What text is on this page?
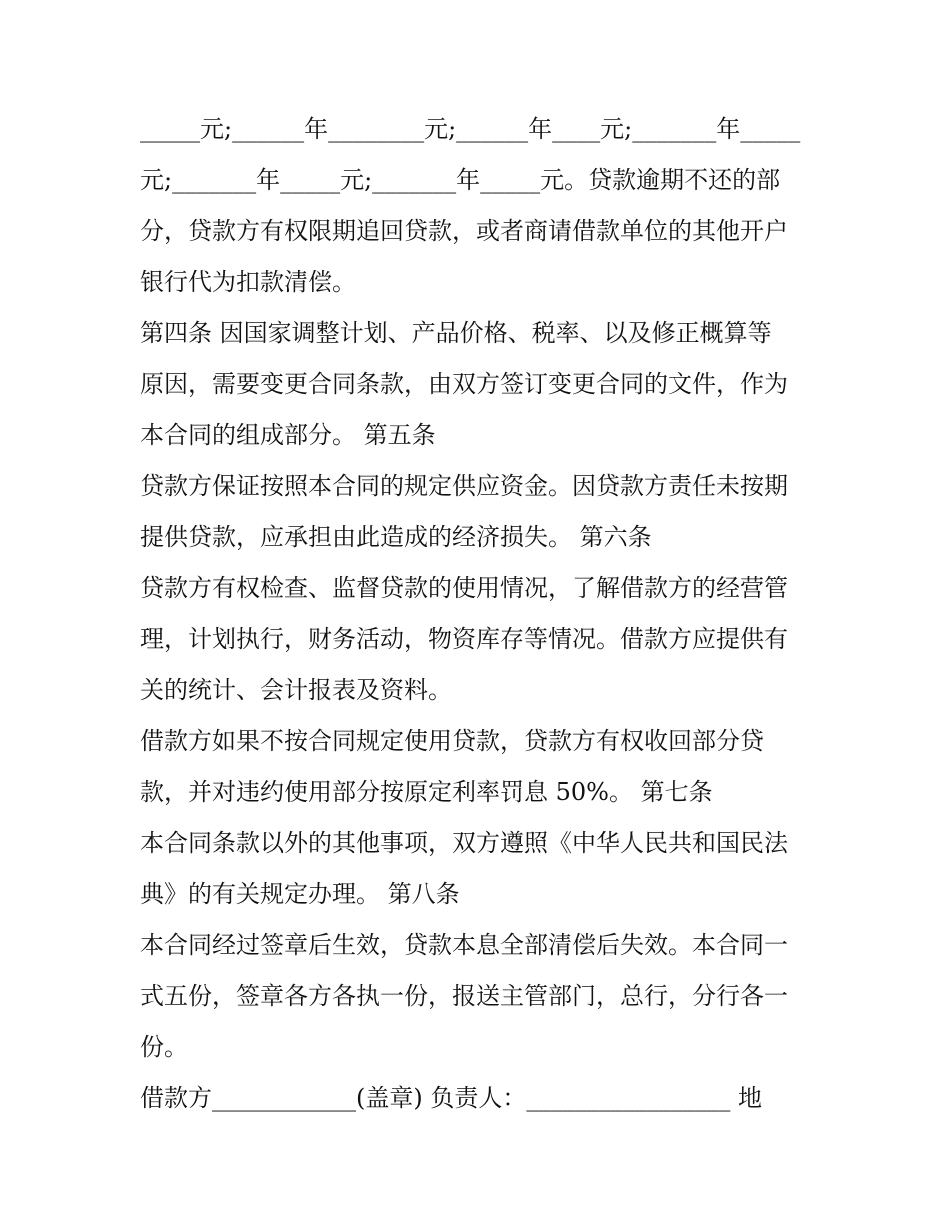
_____元;______年________元;______年____元;_______年_____
元;_______年_____元;_______年_____元。贷款逾期不还的部
分，贷款方有权限期追回贷款，或者商请借款单位的其他开户
银行代为扣款清偿。
第四条 因国家调整计划、产品价格、税率、以及修正概算等
原因，需要变更合同条款，由双方签订变更合同的文件，作为
本合同的组成部分。 第五条
贷款方保证按照本合同的规定供应资金。因贷款方责任未按期
提供贷款，应承担由此造成的经济损失。 第六条
贷款方有权检查、监督贷款的使用情况，了解借款方的经营管
理，计划执行，财务活动，物资库存等情况。借款方应提供有
关的统计、会计报表及资料。
借款方如果不按合同规定使用贷款，贷款方有权收回部分贷
款，并对违约使用部分按原定利率罚息 50%。 第七条
本合同条款以外的其他事项，双方遵照《中华人民共和国民法
典》的有关规定办理。 第八条
本合同经过签章后生效，贷款本息全部清偿后失效。本合同一
式五份，签章各方各执一份，报送主管部门，总行，分行各一
份。
借款方____________(盖章) 负责人：_________________ 地
